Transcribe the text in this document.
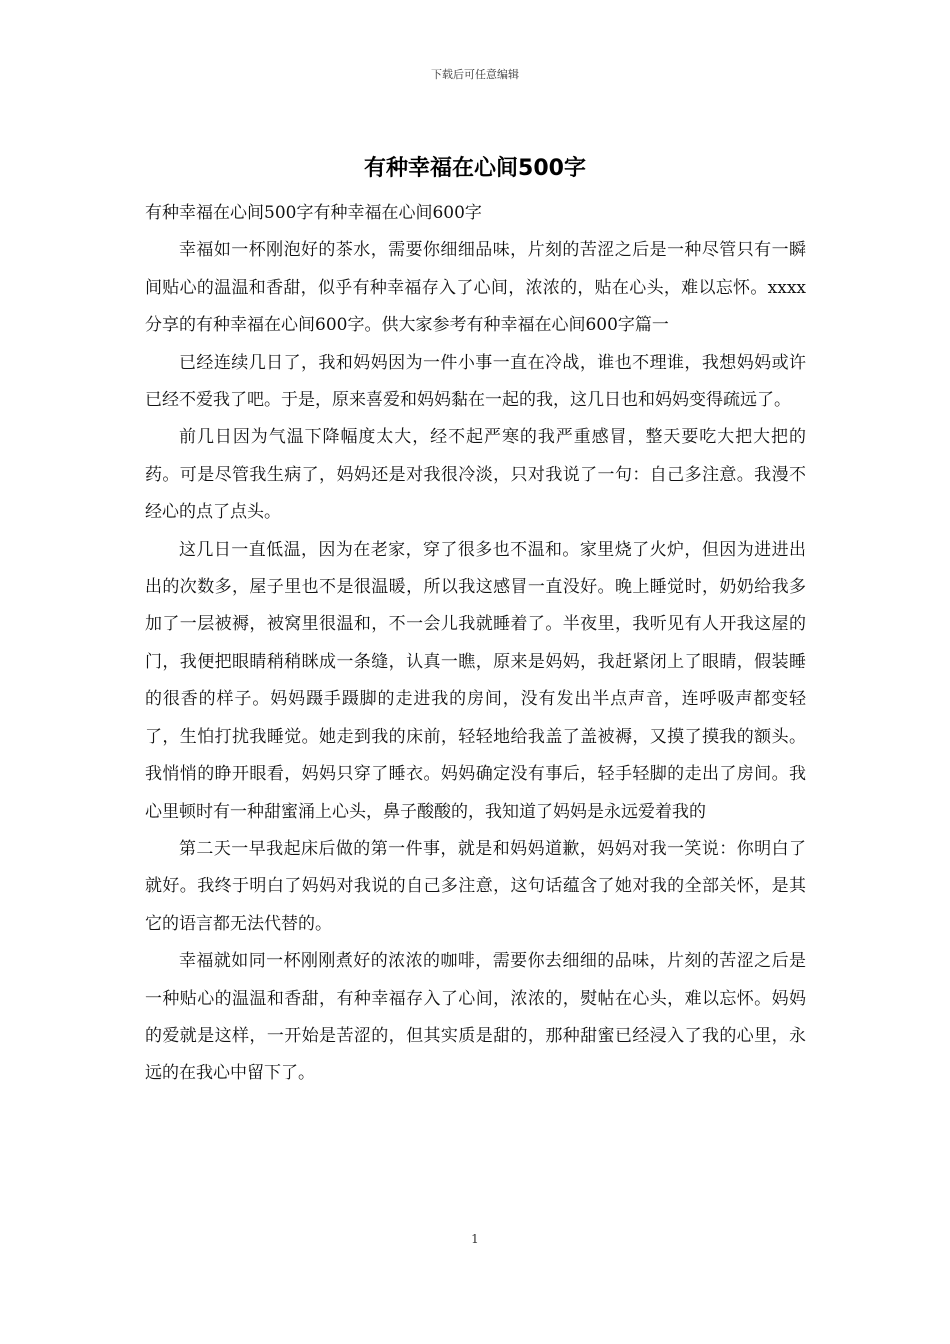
下载后可任意编辑
有种幸福在心间500字

有种幸福在心间500字有种幸福在心间600字

幸福如一杯刚泡好的茶水，需要你细细品味，片刻的苦涩之后是一种尽管只有一瞬间贴心的温温和香甜，似乎有种幸福存入了心间，浓浓的，贴在心头，难以忘怀。xxxx分享的有种幸福在心间600字。供大家参考有种幸福在心间600字篇一

已经连续几日了，我和妈妈因为一件小事一直在冷战，谁也不理谁，我想妈妈或许已经不爱我了吧。于是，原来喜爱和妈妈黏在一起的我，这几日也和妈妈变得疏远了。

前几日因为气温下降幅度太大，经不起严寒的我严重感冒，整天要吃大把大把的药。可是尽管我生病了，妈妈还是对我很冷淡，只对我说了一句：自己多注意。我漫不经心的点了点头。

这几日一直低温，因为在老家，穿了很多也不温和。家里烧了火炉，但因为进进出出的次数多，屋子里也不是很温暖，所以我这感冒一直没好。晚上睡觉时，奶奶给我多加了一层被褥，被窝里很温和，不一会儿我就睡着了。半夜里，我听见有人开我这屋的门，我便把眼睛稍稍眯成一条缝，认真一瞧，原来是妈妈，我赶紧闭上了眼睛，假装睡的很香的样子。妈妈蹑手蹑脚的走进我的房间，没有发出半点声音，连呼吸声都变轻了，生怕打扰我睡觉。她走到我的床前，轻轻地给我盖了盖被褥，又摸了摸我的额头。我悄悄的睁开眼看，妈妈只穿了睡衣。妈妈确定没有事后，轻手轻脚的走出了房间。我心里顿时有一种甜蜜涌上心头，鼻子酸酸的，我知道了妈妈是永远爱着我的

第二天一早我起床后做的第一件事，就是和妈妈道歉，妈妈对我一笑说：你明白了就好。我终于明白了妈妈对我说的自己多注意，这句话蕴含了她对我的全部关怀，是其它的语言都无法代替的。

幸福就如同一杯刚刚煮好的浓浓的咖啡，需要你去细细的品味，片刻的苦涩之后是一种贴心的温温和香甜，有种幸福存入了心间，浓浓的，熨帖在心头，难以忘怀。妈妈的爱就是这样，一开始是苦涩的，但其实质是甜的，那种甜蜜已经浸入了我的心里，永远的在我心中留下了。

1
